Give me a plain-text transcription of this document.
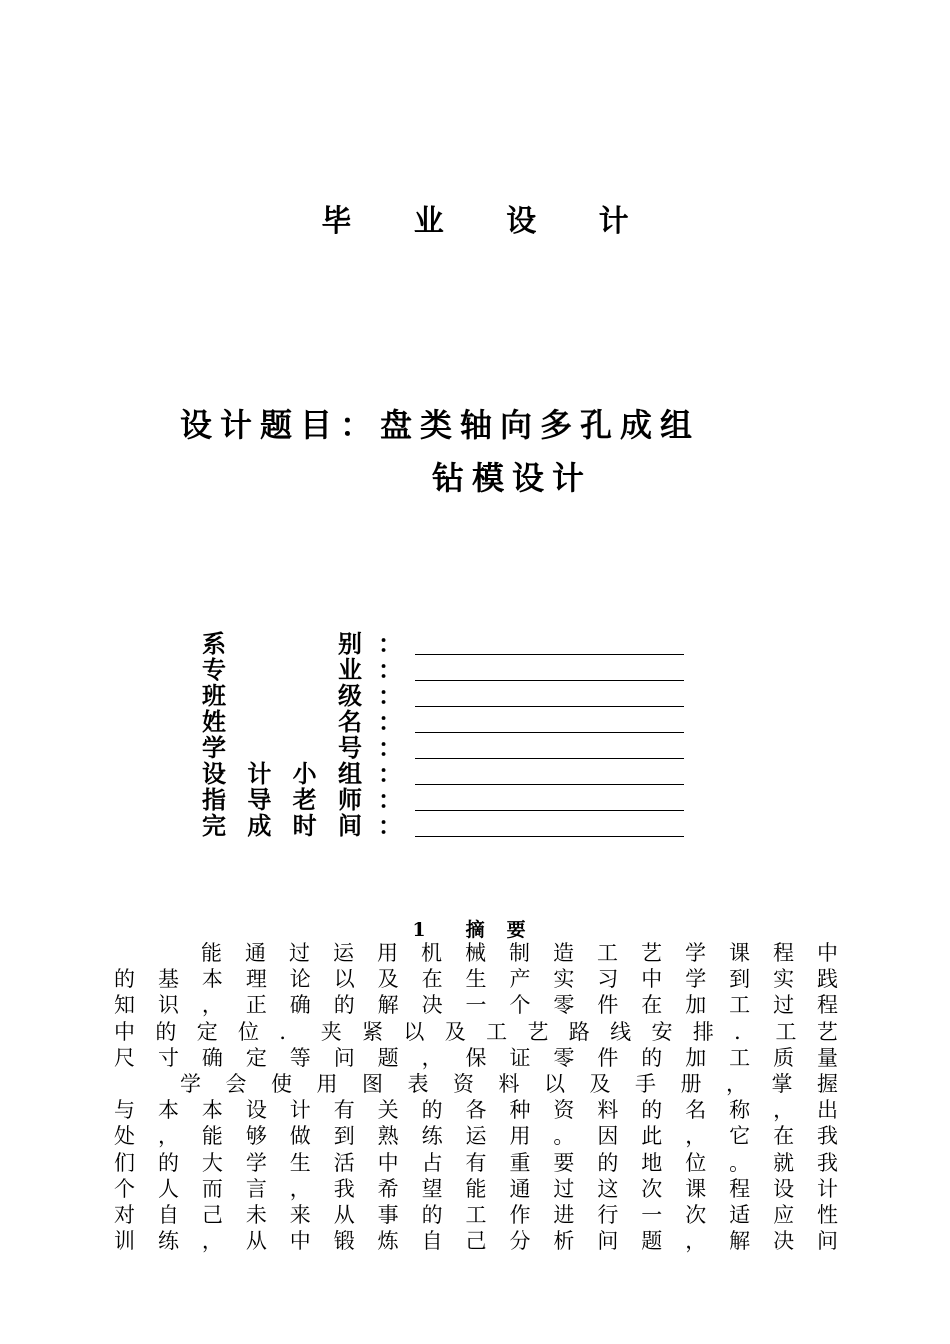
毕 业 设 计
设计题目：盘类轴向多孔成组
钻模设计
系	别 ：
专	业 ：
班	级 ：
姓	名 ：
学	号 ：
设 计 小 组 ：
指 导 老 师 ：
完 成 时 间 ：
1 摘 要
能 通 过 运 用 机 械 制 造 工 艺 学 课 程 中
的 基 本 理 论 以 及 在 生 产 实 习 中 学 到 实 践
知 识 ， 正 确 的 解 决 一 个 零 件 在 加 工 过 程
中 的 定 位 ． 夹 紧 以 及 工 艺 路 线 安 排 ． 工 艺
尺 寸 确 定 等 问 题 ， 保 证 零 件 的 加 工 质 量
学 会 使 用 图 表 资 料 以 及 手 册 ， 掌 握
与 本 本 设 计 有 关 的 各 种 资 料 的 名 称 ， 出
处 ， 能 够 做 到 熟 练 运 用 。 因 此 ， 它 在 我
们 的 大 学 生 活 中 占 有 重 要 的 地 位 。 就 我
个 人 而 言 ， 我 希 望 能 通 过 这 次 课 程 设 计
对 自 己 未 来 从 事 的 工 作 进 行 一 次 适 应 性
训 练 ， 从 中 锻 炼 自 己 分 析 问 题 ， 解 决 问
